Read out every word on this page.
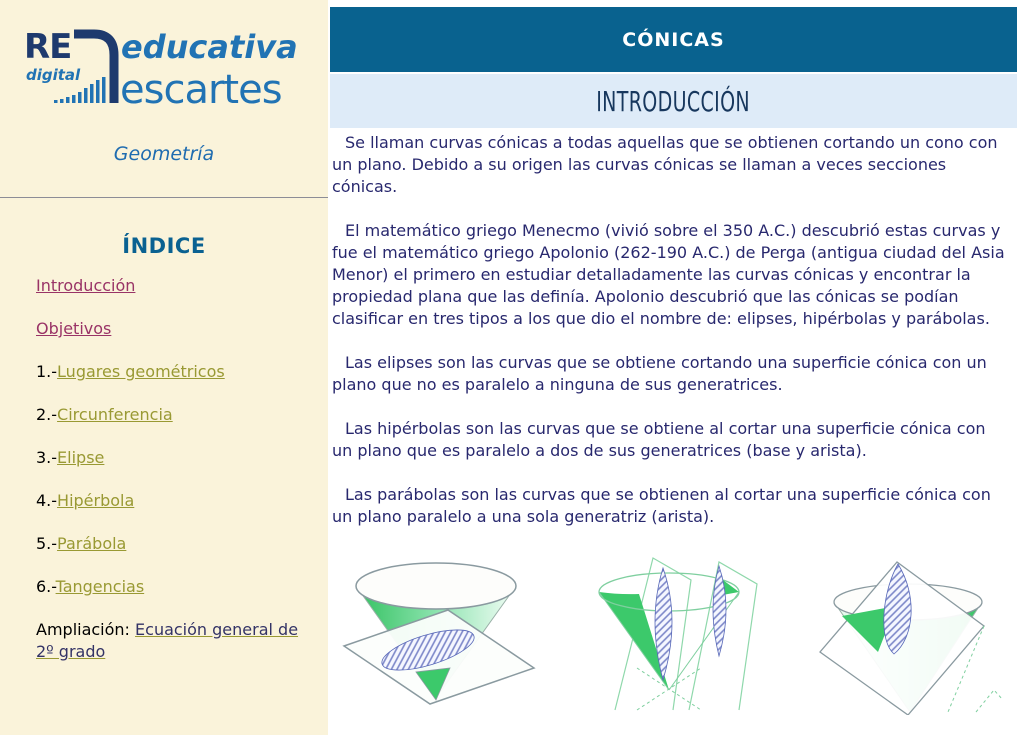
RE educativa
digital escartes
Geometría
ÍNDICE
Introducción
Objetivos
1.-Lugares geométricos
2.-Circunferencia
3.-Elipse
4.-Hipérbola
5.-Parábola
6.-Tangencias
Ampliación: Ecuación general de 2º grado
CÓNICAS
INTRODUCCIÓN

Se llaman curvas cónicas a todas aquellas que se obtienen cortando un cono con un plano. Debido a su origen las curvas cónicas se llaman a veces secciones cónicas.

El matemático griego Menecmo (vivió sobre el 350 A.C.) descubrió estas curvas y fue el matemático griego Apolonio (262-190 A.C.) de Perga (antigua ciudad del Asia Menor) el primero en estudiar detalladamente las curvas cónicas y encontrar la propiedad plana que las definía. Apolonio descubrió que las cónicas se podían clasificar en tres tipos a los que dio el nombre de: elipses, hipérbolas y parábolas.

Las elipses son las curvas que se obtiene cortando una superficie cónica con un plano que no es paralelo a ninguna de sus generatrices.

Las hipérbolas son las curvas que se obtiene al cortar una superficie cónica con un plano que es paralelo a dos de sus generatrices (base y arista).

Las parábolas son las curvas que se obtienen al cortar una superficie cónica con un plano paralelo a una sola generatriz (arista).
